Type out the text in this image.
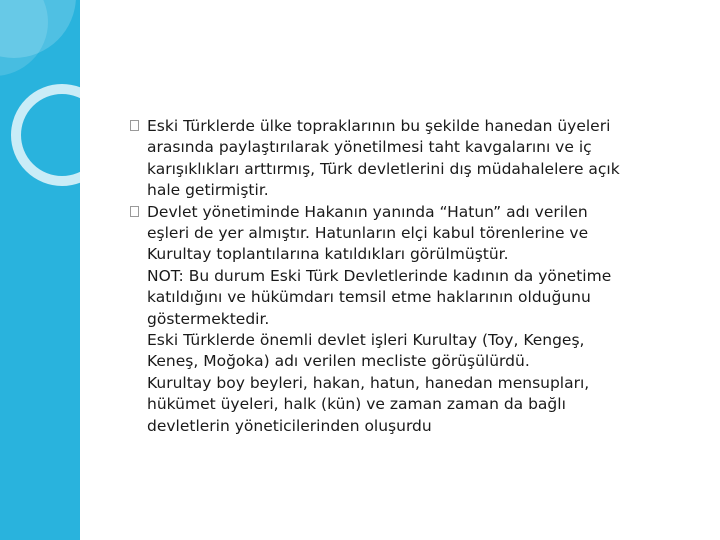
Eski Türklerde ülke topraklarının bu şekilde hanedan üyeleri
arasında paylaştırılarak yönetilmesi taht kavgalarını ve iç
karışıklıkları arttırmış, Türk devletlerini dış müdahalelere açık
hale getirmiştir.
Devlet yönetiminde Hakanın yanında “Hatun” adı verilen
eşleri de yer almıştır. Hatunların elçi kabul törenlerine ve
Kurultay toplantılarına katıldıkları görülmüştür.
NOT: Bu durum Eski Türk Devletlerinde kadının da yönetime
katıldığını ve hükümdarı temsil etme haklarının olduğunu
göstermektedir.
Eski Türklerde önemli devlet işleri Kurultay (Toy, Kengeş,
Keneş, Moğoka) adı verilen mecliste görüşülürdü.
Kurultay boy beyleri, hakan, hatun, hanedan mensupları,
hükümet üyeleri, halk (kün) ve zaman zaman da bağlı
devletlerin yöneticilerinden oluşurdu
